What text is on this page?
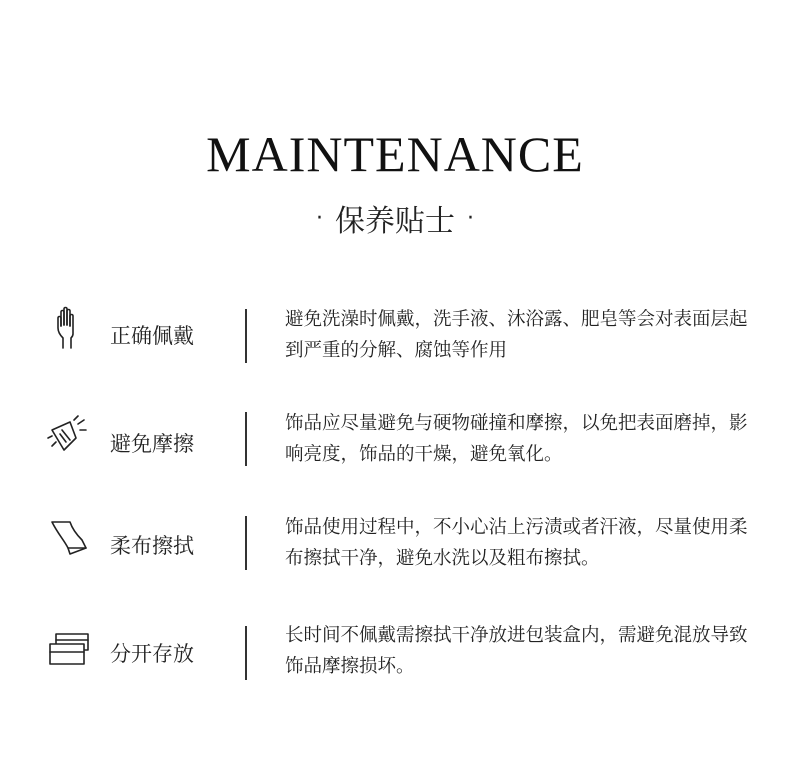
MAINTENANCE
· 保养贴士 ·
正确佩戴
避免洗澡时佩戴，洗手液、沐浴露、肥皂等会对表面层起到严重的分解、腐蚀等作用
避免摩擦
饰品应尽量避免与硬物碰撞和摩擦，以免把表面磨掉，影响亮度，饰品的干燥，避免氧化。
柔布擦拭
饰品使用过程中，不小心沾上污渍或者汗液，尽量使用柔布擦拭干净，避免水洗以及粗布擦拭。
分开存放
长时间不佩戴需擦拭干净放进包装盒内，需避免混放导致饰品摩擦损坏。
